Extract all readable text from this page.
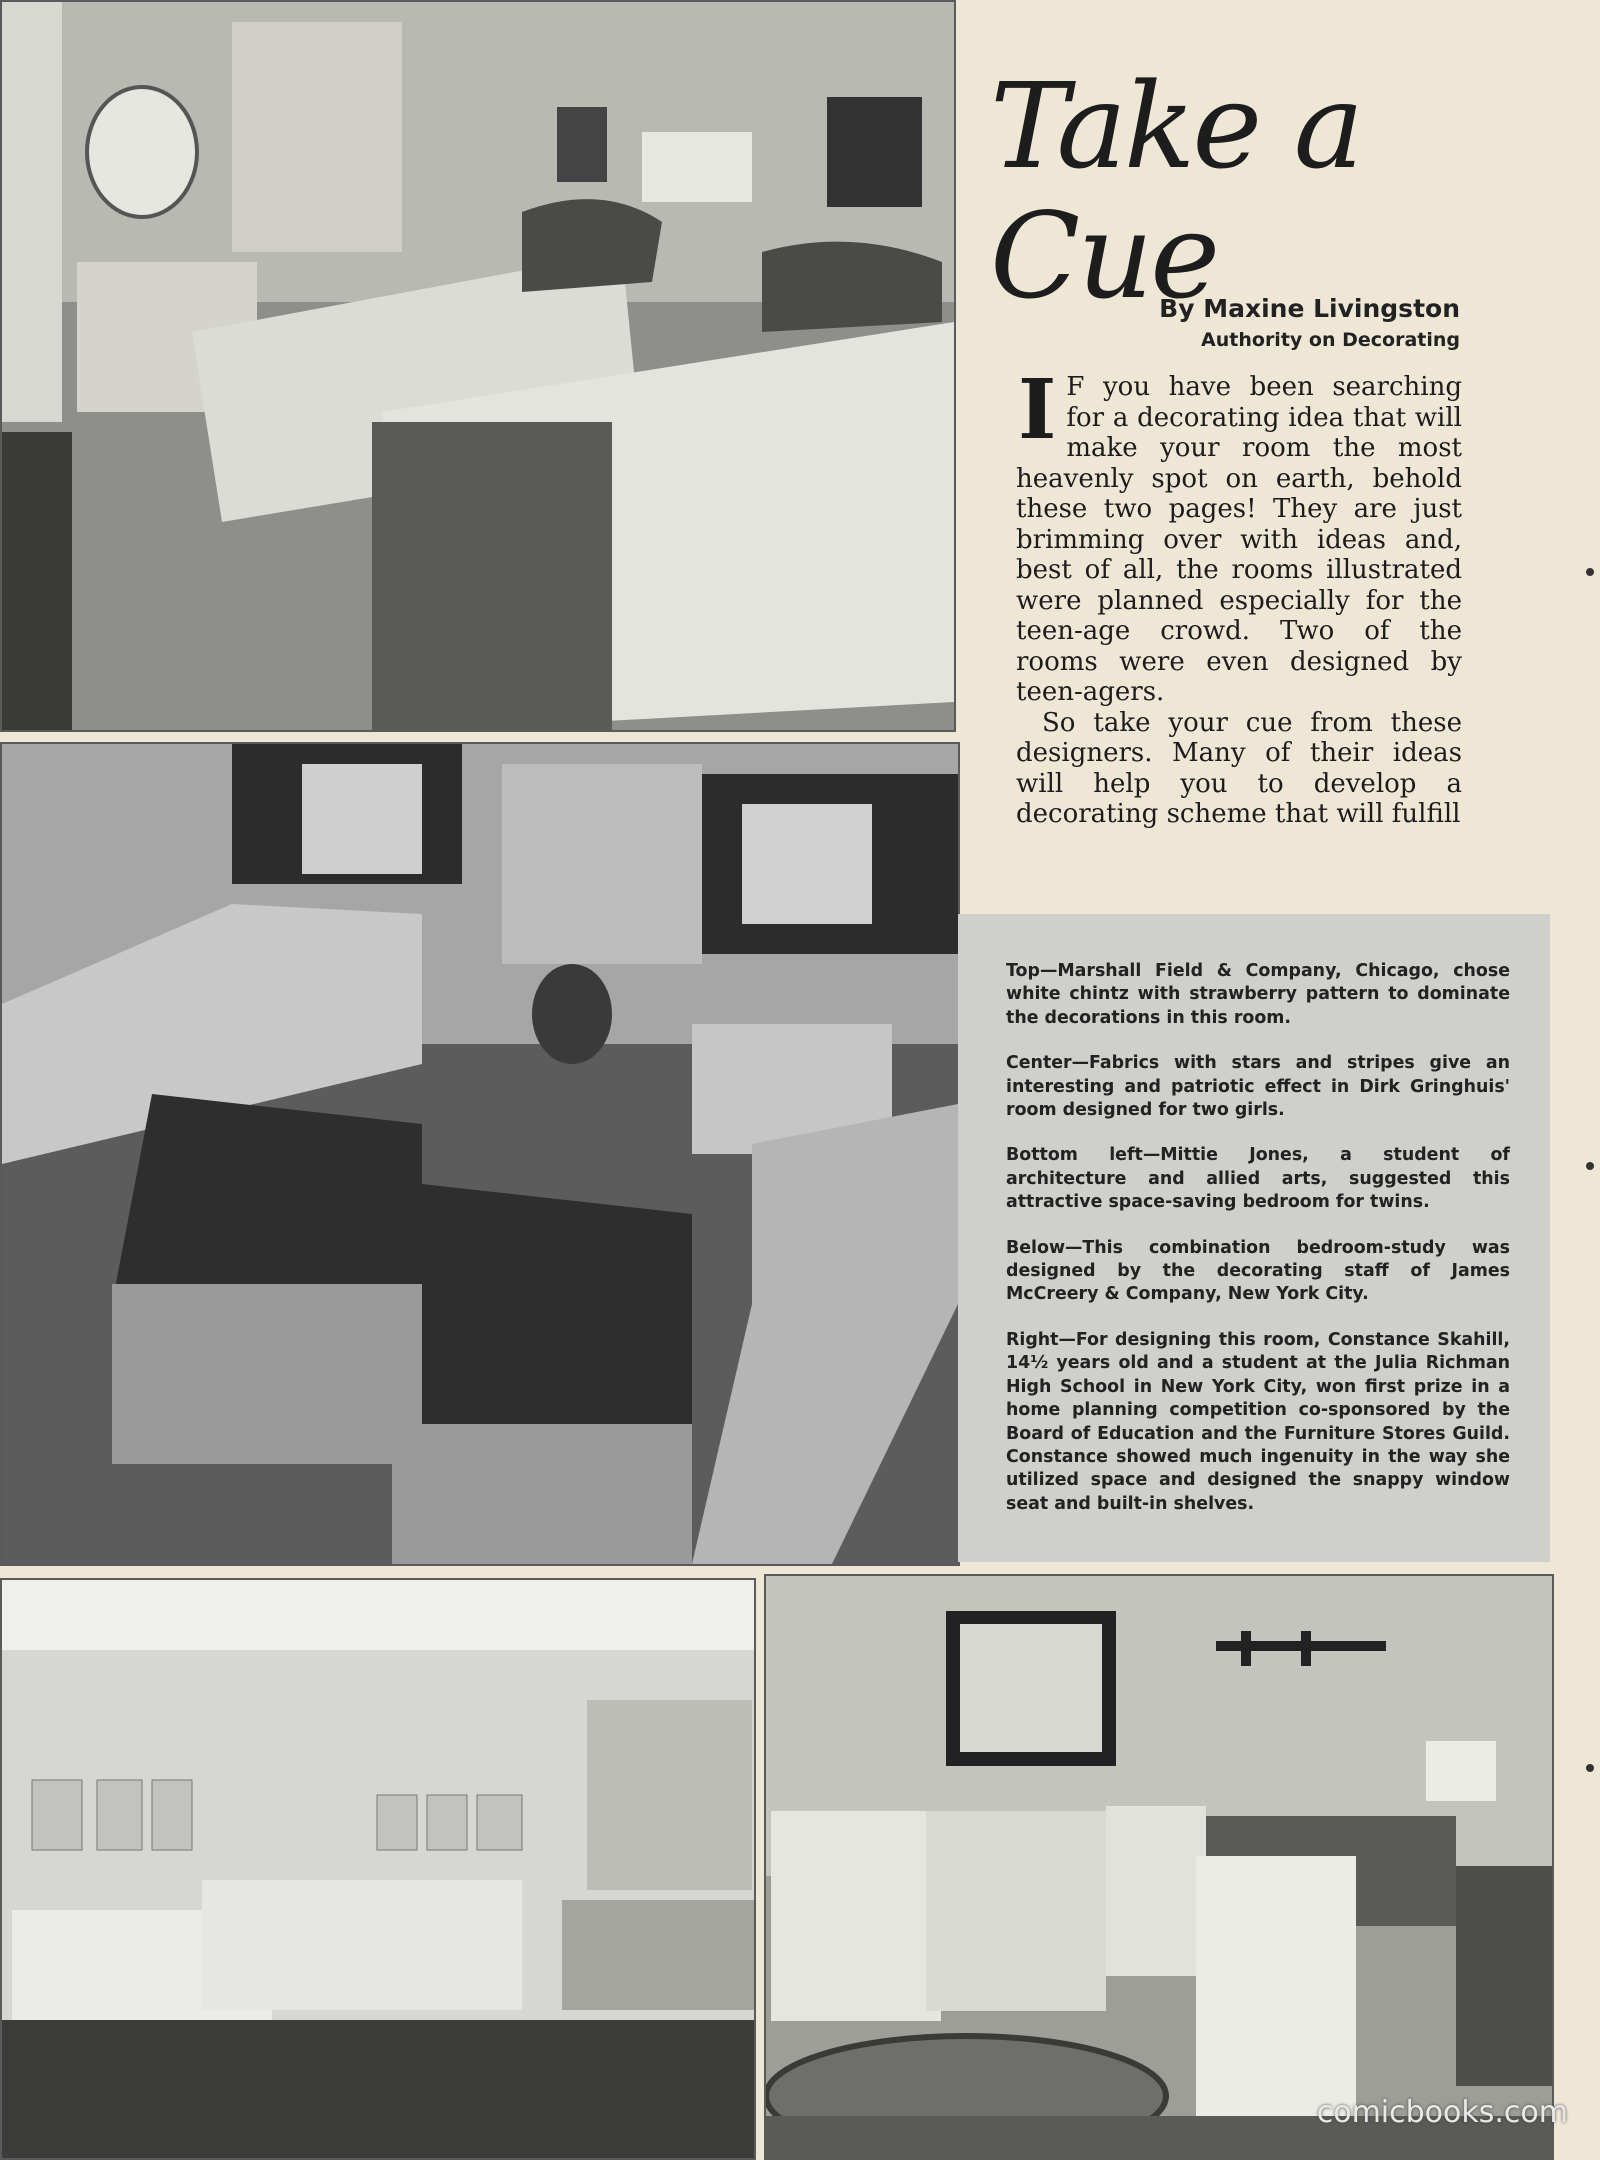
Take a Cue
By Maxine Livingston
Authority on Decorating

I F you have been searching for a decorating idea that will make your room the most heavenly spot on earth, behold these two pages! They are just brimming over with ideas and, best of all, the rooms illustrated were planned especially for the teen-age crowd. Two of the rooms were even designed by teen-agers.

So take your cue from these designers. Many of their ideas will help you to develop a decorating scheme that will fulfill

Top—Marshall Field & Company, Chicago, chose white chintz with strawberry pattern to dominate the decorations in this room.

Center—Fabrics with stars and stripes give an interesting and patriotic effect in Dirk Gringhuis' room designed for two girls.

Bottom left—Mittie Jones, a student of architecture and allied arts, suggested this attractive space-saving bedroom for twins.

Below—This combination bedroom-study was designed by the decorating staff of James McCreery & Company, New York City.

Right—For designing this room, Constance Skahill, 14½ years old and a student at the Julia Richman High School in New York City, won first prize in a home planning competition co-sponsored by the Board of Education and the Furniture Stores Guild. Constance showed much ingenuity in the way she utilized space and designed the snappy window seat and built-in shelves.

comicbooks.com
